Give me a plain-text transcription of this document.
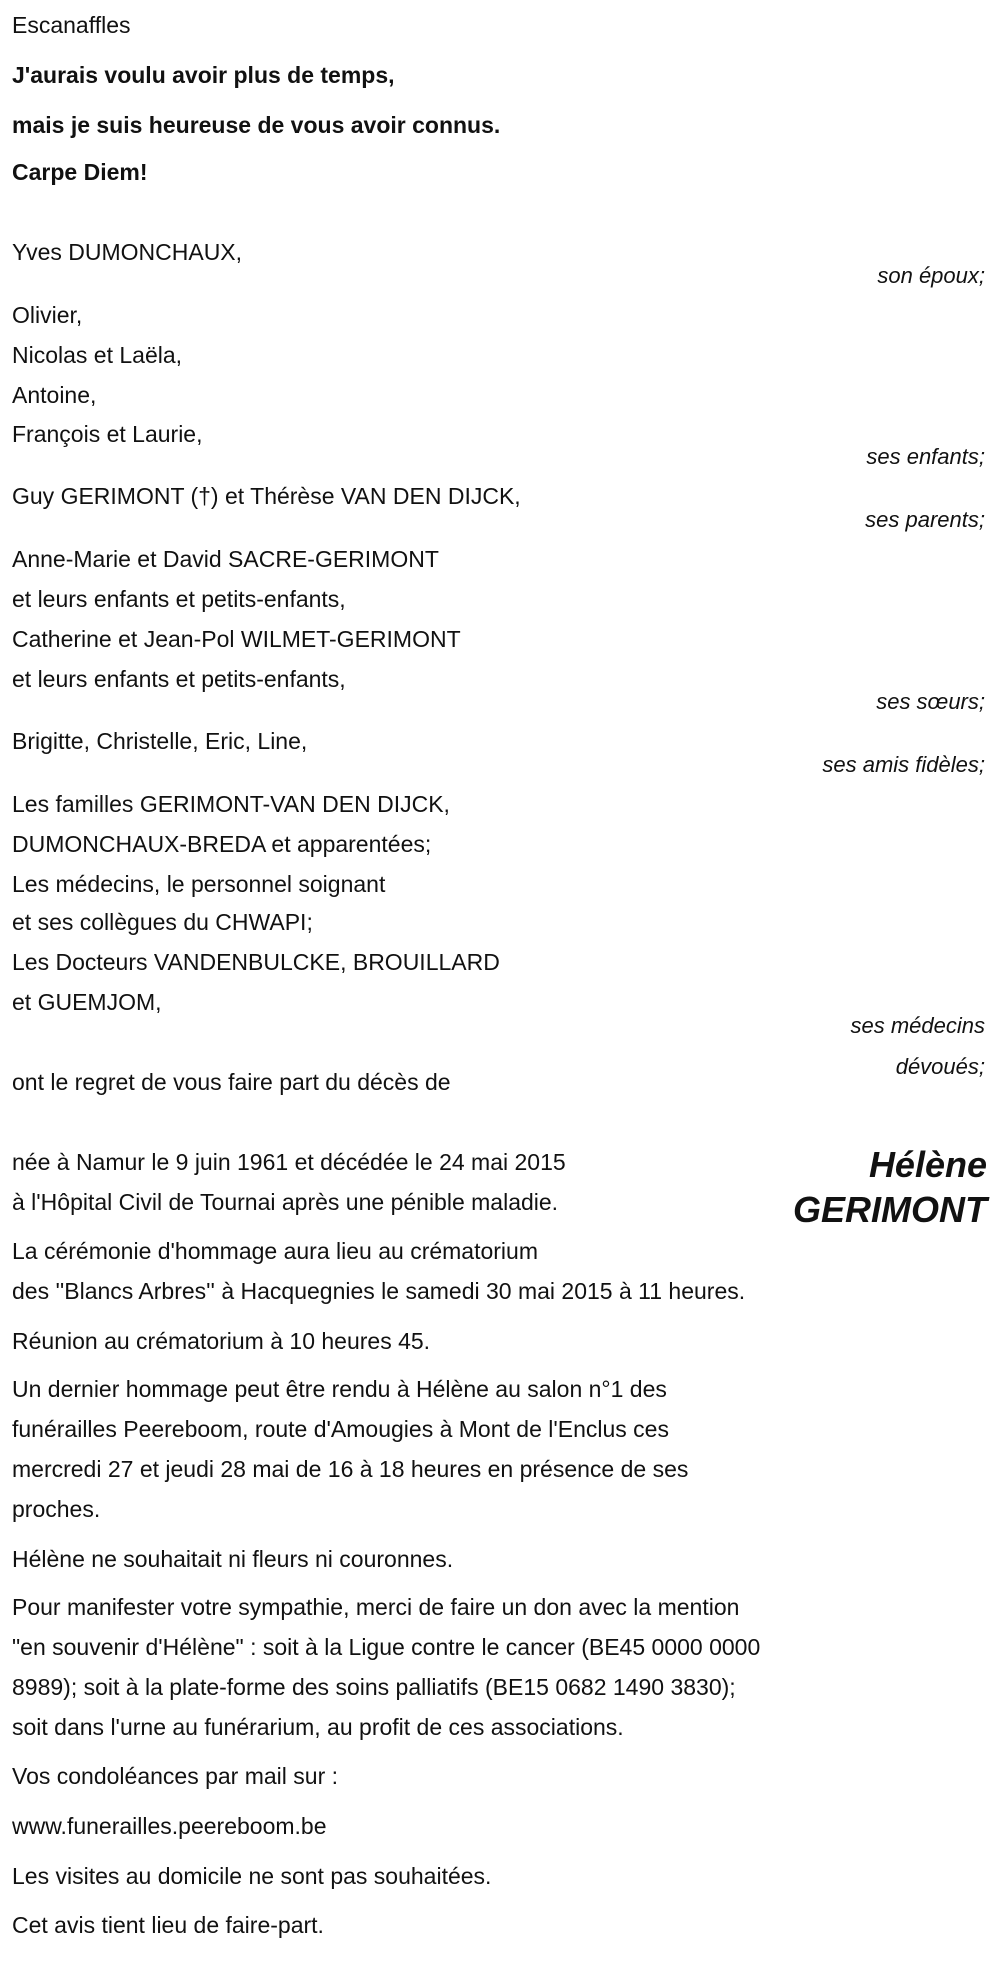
Escanaffles
J'aurais voulu avoir plus de temps,
mais je suis heureuse de vous avoir connus.
Carpe Diem!
Yves DUMONCHAUX,
son époux;
Olivier,
Nicolas et Laëla,
Antoine,
François et Laurie,
ses enfants;
Guy GERIMONT (†) et Thérèse VAN DEN DIJCK,
ses parents;
Anne-Marie et David SACRE-GERIMONT
et leurs enfants et petits-enfants,
Catherine et Jean-Pol WILMET-GERIMONT
et leurs enfants et petits-enfants,
ses sœurs;
Brigitte, Christelle, Eric, Line,
ses amis fidèles;
Les familles GERIMONT-VAN DEN DIJCK,
DUMONCHAUX-BREDA et apparentées;
Les médecins, le personnel soignant
et ses collègues du CHWAPI;
Les Docteurs VANDENBULCKE, BROUILLARD
et GUEMJOM,
ses médecins
dévoués;
ont le regret de vous faire part du décès de
Hélène
GERIMONT
née à Namur le 9 juin 1961 et décédée le 24 mai 2015
à l'Hôpital Civil de Tournai après une pénible maladie.
La cérémonie d'hommage aura lieu au crématorium
des ''Blancs Arbres'' à Hacquegnies le samedi 30 mai 2015 à 11 heures.
Réunion au crématorium à 10 heures 45.
Un dernier hommage peut être rendu à Hélène au salon n°1 des
funérailles Peereboom, route d'Amougies à Mont de l'Enclus ces
mercredi 27 et jeudi 28 mai de 16 à 18 heures en présence de ses
proches.
Hélène ne souhaitait ni fleurs ni couronnes.
Pour manifester votre sympathie, merci de faire un don avec la mention
"en souvenir d'Hélène" : soit à la Ligue contre le cancer (BE45 0000 0000
8989); soit à la plate-forme des soins palliatifs (BE15 0682 1490 3830);
soit dans l'urne au funérarium, au profit de ces associations.
Vos condoléances par mail sur :
www.funerailles.peereboom.be
Les visites au domicile ne sont pas souhaitées.
Cet avis tient lieu de faire-part.
